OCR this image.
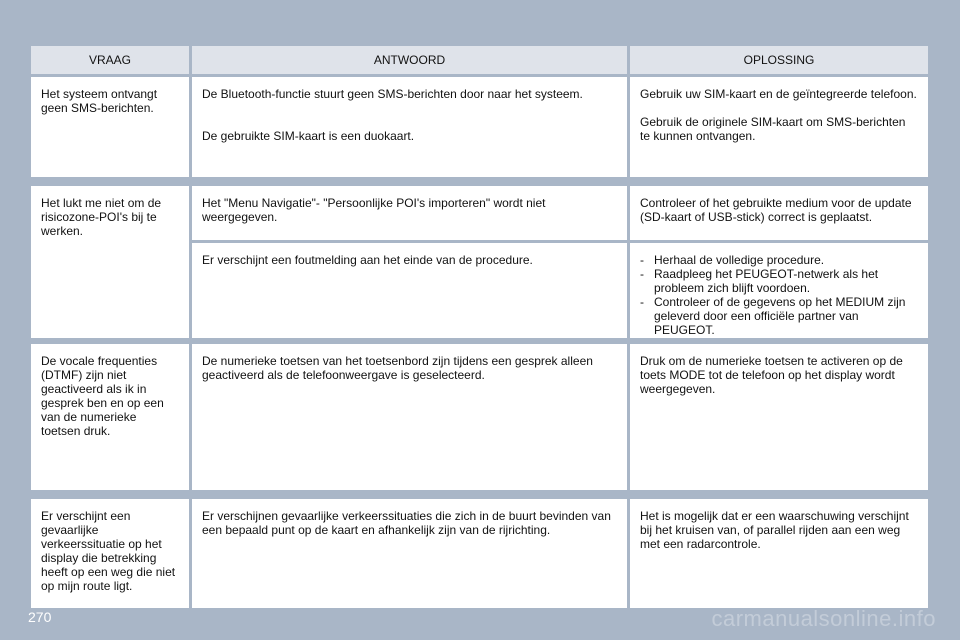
VRAAG	ANTWOORD	OPLOSSING

Het systeem ontvangt geen SMS-berichten.

De Bluetooth-functie stuurt geen SMS-berichten door naar het systeem.

De gebruikte SIM-kaart is een duokaart.

Gebruik uw SIM-kaart en de geïntegreerde telefoon.

Gebruik de originele SIM-kaart om SMS-berichten te kunnen ontvangen.

Het lukt me niet om de risicozone-POI's bij te werken.

Het "Menu Navigatie"- "Persoonlijke POI's importeren" wordt niet weergegeven.

Controleer of het gebruikte medium voor de update (SD-kaart of USB-stick) correct is geplaatst.

Er verschijnt een foutmelding aan het einde van de procedure.

-	Herhaal de volledige procedure.
- Raadpleeg het PEUGEOT-netwerk als het probleem zich blijft voordoen.
- Controleer of de gegevens op het MEDIUM zijn geleverd door een officiële partner van PEUGEOT.

De vocale frequenties (DTMF) zijn niet geactiveerd als ik in gesprek ben en op een van de numerieke toetsen druk.

De numerieke toetsen van het toetsenbord zijn tijdens een gesprek alleen geactiveerd als de telefoonweergave is geselecteerd.

Druk om de numerieke toetsen te activeren op de toets MODE tot de telefoon op het display wordt weergegeven.

Er verschijnt een gevaarlijke verkeerssituatie op het display die betrekking heeft op een weg die niet op mijn route ligt.

Er verschijnen gevaarlijke verkeerssituaties die zich in de buurt bevinden van een bepaald punt op de kaart en afhankelijk zijn van de rijrichting.

Het is mogelijk dat er een waarschuwing verschijnt bij het kruisen van, of parallel rijden aan een weg met een radarcontrole.

270	carmanualsonline.info
